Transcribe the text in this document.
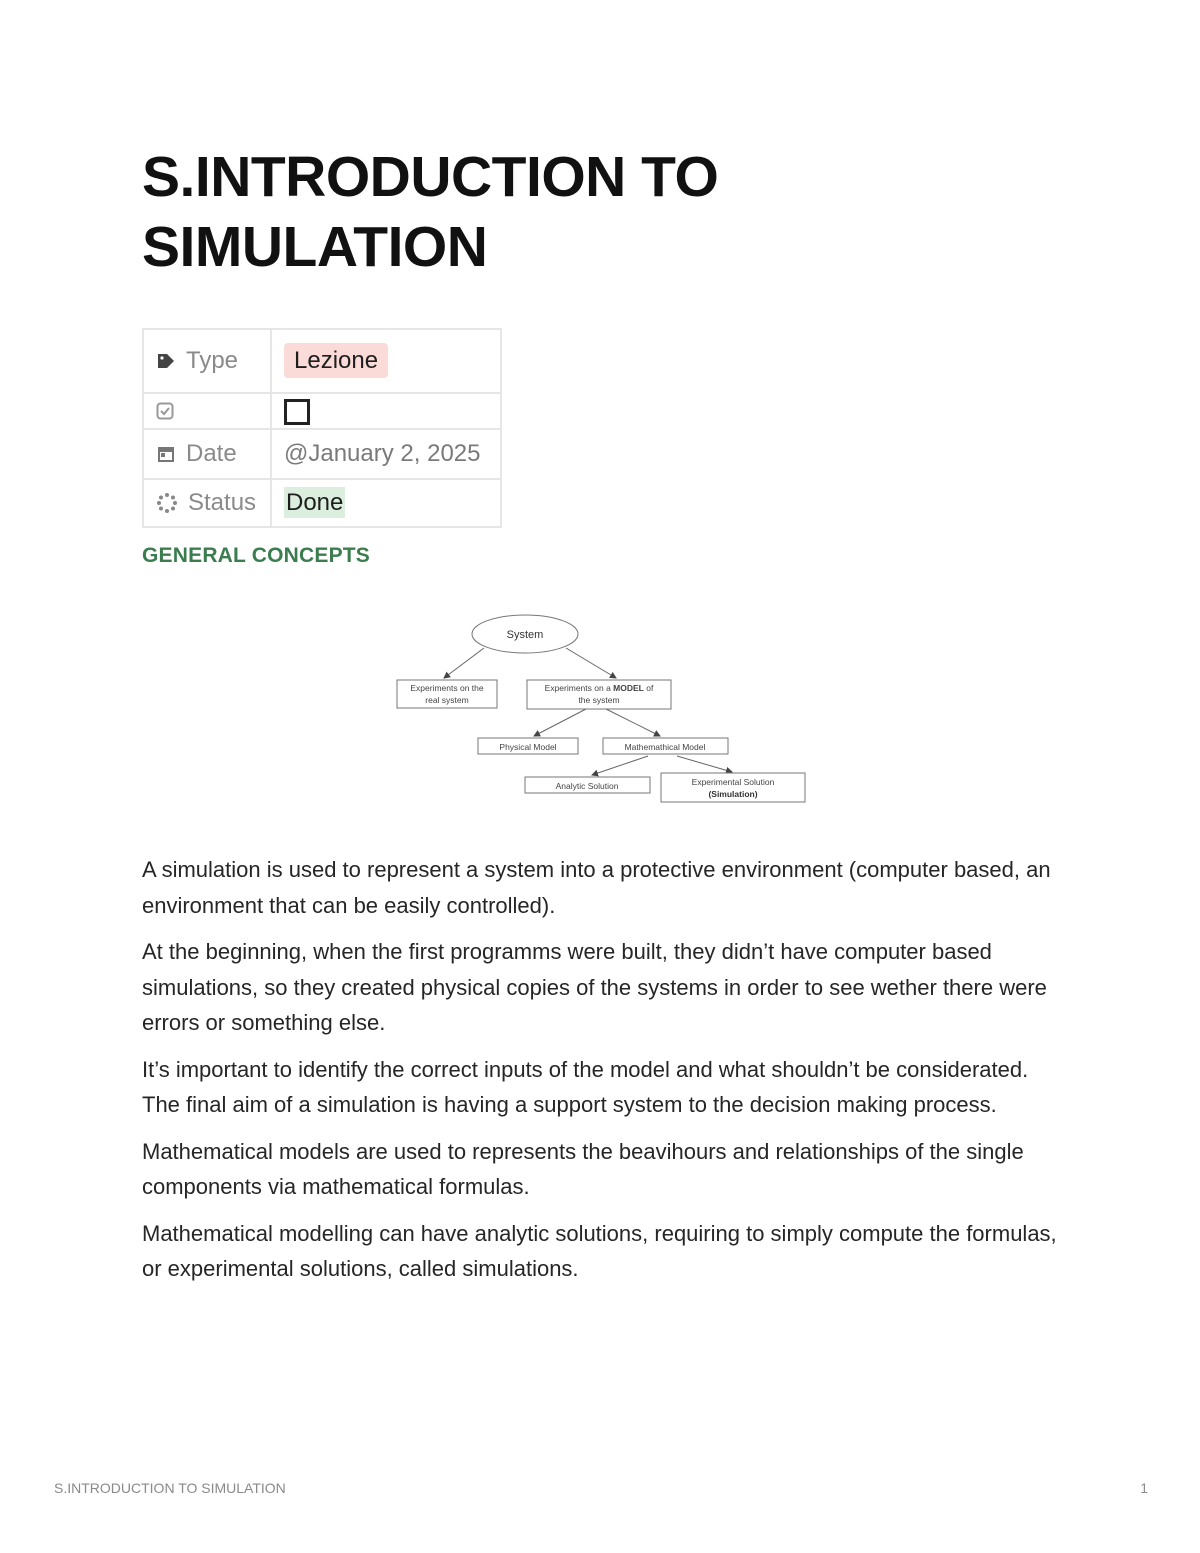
S.INTRODUCTION TO SIMULATION
Type	Lezione

Date	@January 2, 2025

Status	Done
GENERAL CONCEPTS
System
Experiments on the
real system
Experiments on a MODEL of
the system
Physical Model	Mathemathical Model
Analytic Solution	Experimental Solution
(Simulation)

A simulation is used to represent a system into a protective environment (computer based, an environment that can be easily controlled).

At the beginning, when the first programms were built, they didn’t have computer based simulations, so they created physical copies of the systems in order to see wether there were errors or something else.

It’s important to identify the correct inputs of the model and what shouldn’t be considerated. The final aim of a simulation is having a support system to the decision making process.

Mathematical models are used to represents the beavihours and relationships of the single components via mathematical formulas.

Mathematical modelling can have analytic solutions, requiring to simply compute the formulas, or experimental solutions, called simulations.

S.INTRODUCTION TO SIMULATION	1
